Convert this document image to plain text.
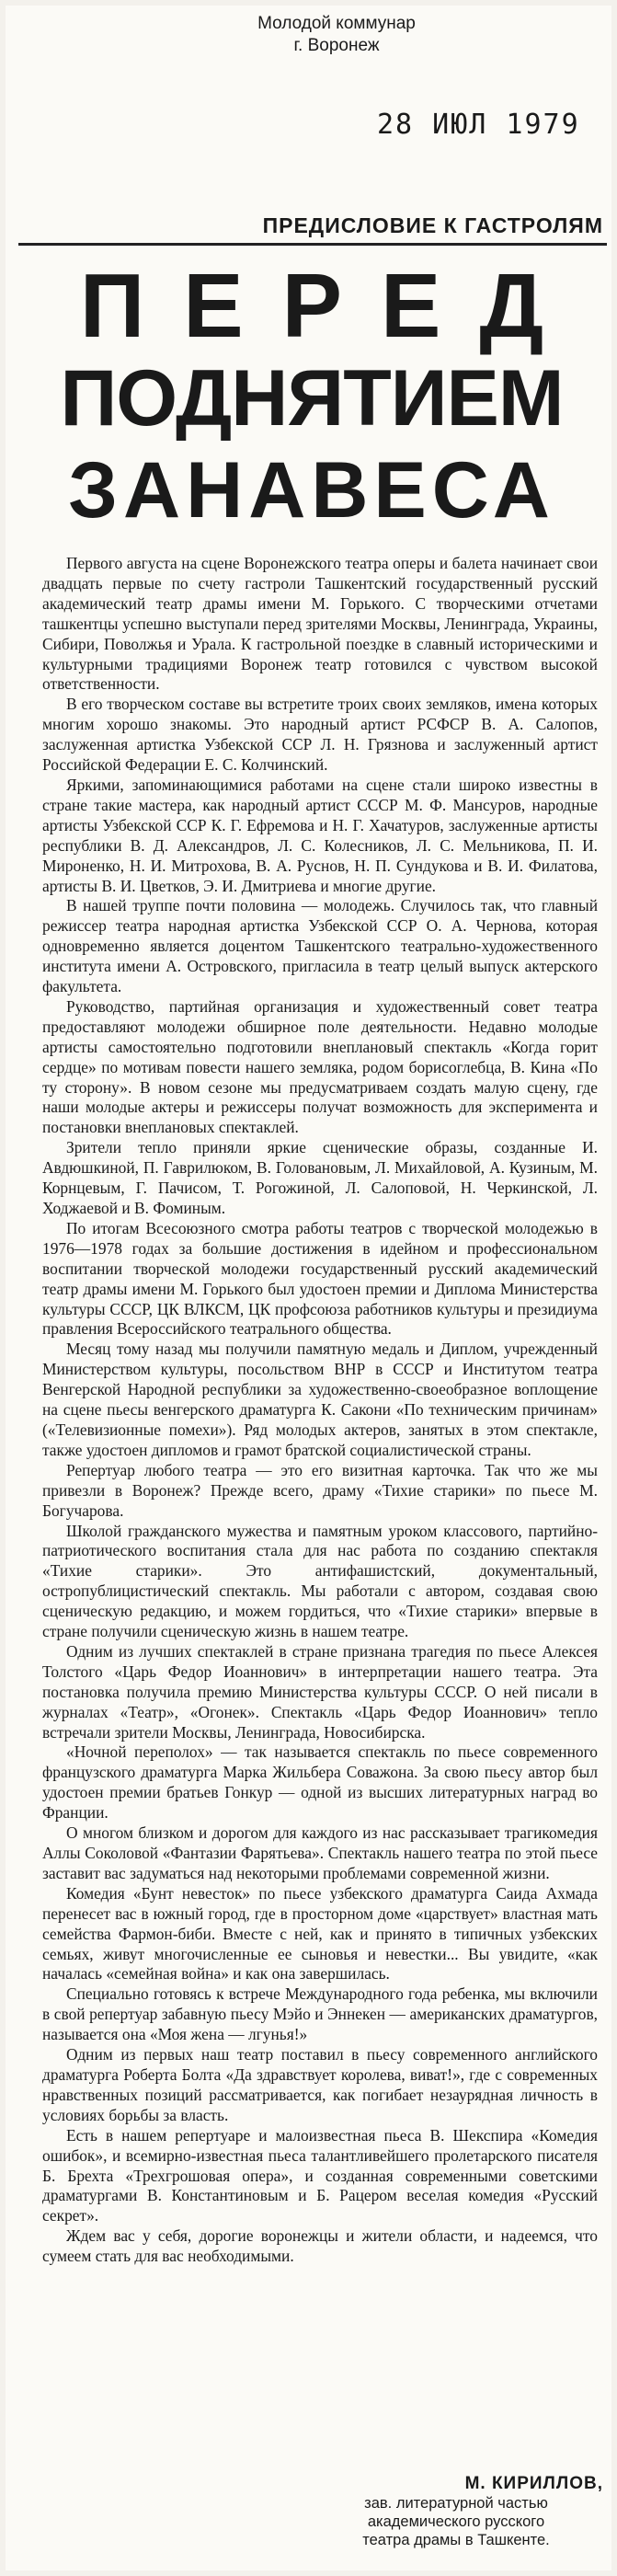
Молодой коммунар
г. Воронеж
28 ИЮЛ 1979
ПРЕДИСЛОВИЕ К ГАСТРОЛЯМ
ПЕРЕД
ПОДНЯТИЕМ
ЗАНАВЕСА

Первого августа на сцене Воронежского театра оперы и балета начинает свои двадцать первые по счету гастроли Ташкентский государственный русский академический театр драмы имени М. Горького. С творческими отчетами ташкентцы успешно выступали перед зрителями Москвы, Ленинграда, Украины, Сибири, Поволжья и Урала. К гастрольной поездке в славный историческими и культурными традициями Воронеж театр готовился с чувством высокой ответственности.

В его творческом составе вы встретите троих своих земляков, имена которых многим хорошо знакомы. Это народный артист РСФСР В. А. Салопов, заслуженная артистка Узбекской ССР Л. Н. Грязнова и заслуженный артист Российской Федерации Е. С. Колчинский.

Яркими, запоминающимися работами на сцене стали широко известны в стране такие мастера, как народный артист СССР М. Ф. Мансуров, народные артисты Узбекской ССР К. Г. Ефремова и Н. Г. Хачатуров, заслуженные артисты республики В. Д. Александров, Л. С. Колесников, Л. С. Мельникова, П. И. Мироненко, Н. И. Митрохова, В. А. Руснов, Н. П. Сундукова и В. И. Филатова, артисты В. И. Цветков, Э. И. Дмитриева и многие другие.

В нашей труппе почти половина — молодежь. Случилось так, что главный режиссер театра народная артистка Узбекской ССР О. А. Чернова, которая одновременно является доцентом Ташкентского театрально-художественного института имени А. Островского, пригласила в театр целый выпуск актерского факультета.

Руководство, партийная организация и художественный совет театра предоставляют молодежи обширное поле деятельности. Недавно молодые артисты самостоятельно подготовили внеплановый спектакль «Когда горит сердце» по мотивам повести нашего земляка, родом борисоглебца, В. Кина «По ту сторону». В новом сезоне мы предусматриваем создать малую сцену, где наши молодые актеры и режиссеры получат возможность для эксперимента и постановки внеплановых спектаклей.

Зрители тепло приняли яркие сценические образы, созданные И. Авдюшкиной, П. Гаврилюком, В. Головановым, Л. Михайловой, А. Кузиным, М. Корнцевым, Г. Пачисом, Т. Рогожиной, Л. Салоповой, Н. Черкинской, Л. Ходжаевой и В. Фоминым.

По итогам Всесоюзного смотра работы театров с творческой молодежью в 1976—1978 годах за большие достижения в идейном и профессиональном воспитании творческой молодежи государственный русский академический театр драмы имени М. Горького был удостоен премии и Диплома Министерства культуры СССР, ЦК ВЛКСМ, ЦК профсоюза работников культуры и президиума правления Всероссийского театрального общества.

Месяц тому назад мы получили памятную медаль и Диплом, учрежденный Министерством культуры, посольством ВНР в СССР и Институтом театра Венгерской Народной республики за художественно-своеобразное воплощение на сцене пьесы венгерского драматурга К. Сакони «По техническим причинам» («Телевизионные помехи»). Ряд молодых актеров, занятых в этом спектакле, также удостоен дипломов и грамот братской социалистической страны.

Репертуар любого театра — это его визитная карточка. Так что же мы привезли в Воронеж? Прежде всего, драму «Тихие старики» по пьесе М. Богучарова.

Школой гражданского мужества и памятным уроком классового, партийно-патриотического воспитания стала для нас работа по созданию спектакля «Тихие старики». Это антифашистский, документальный, остропублицистический спектакль. Мы работали с автором, создавая свою сценическую редакцию, и можем гордиться, что «Тихие старики» впервые в стране получили сценическую жизнь в нашем театре.

Одним из лучших спектаклей в стране признана трагедия по пьесе Алексея Толстого «Царь Федор Иоаннович» в интерпретации нашего театра. Эта постановка получила премию Министерства культуры СССР. О ней писали в журналах «Театр», «Огонек». Спектакль «Царь Федор Иоаннович» тепло встречали зрители Москвы, Ленинграда, Новосибирска.

«Ночной переполох» — так называется спектакль по пьесе современного французского драматурга Марка Жильбера Соважона. За свою пьесу автор был удостоен премии братьев Гонкур — одной из высших литературных наград во Франции.

О многом близком и дорогом для каждого из нас рассказывает трагикомедия Аллы Соколовой «Фантазии Фарятьева». Спектакль нашего театра по этой пьесе заставит вас задуматься над некоторыми проблемами современной жизни.

Комедия «Бунт невесток» по пьесе узбекского драматурга Саида Ахмада перенесет вас в южный город, где в просторном доме «царствует» властная мать семейства Фармон-биби. Вместе с ней, как и принято в типичных узбекских семьях, живут многочисленные ее сыновья и невестки... Вы увидите, «как началась «семейная война» и как она завершилась.

Специально готовясь к встрече Международного года ребенка, мы включили в свой репертуар забавную пьесу Мэйо и Эннекен — американских драматургов, называется она «Моя жена — лгунья!»

Одним из первых наш театр поставил в пьесу современного английского драматурга Роберта Болта «Да здравствует королева, виват!», где с современных нравственных позиций рассматривается, как погибает незаурядная личность в условиях борьбы за власть.

Есть в нашем репертуаре и малоизвестная пьеса В. Шекспира «Комедия ошибок», и всемирно-известная пьеса талантливейшего пролетарского писателя Б. Брехта «Трехгрошовая опера», и созданная современными советскими драматургами В. Константиновым и Б. Рацером веселая комедия «Русский секрет».

Ждем вас у себя, дорогие воронежцы и жители области, и надеемся, что сумеем стать для вас необходимыми.

М. КИРИЛЛОВ,
зав. литературной частью
академического русского
театра драмы в Ташкенте.
